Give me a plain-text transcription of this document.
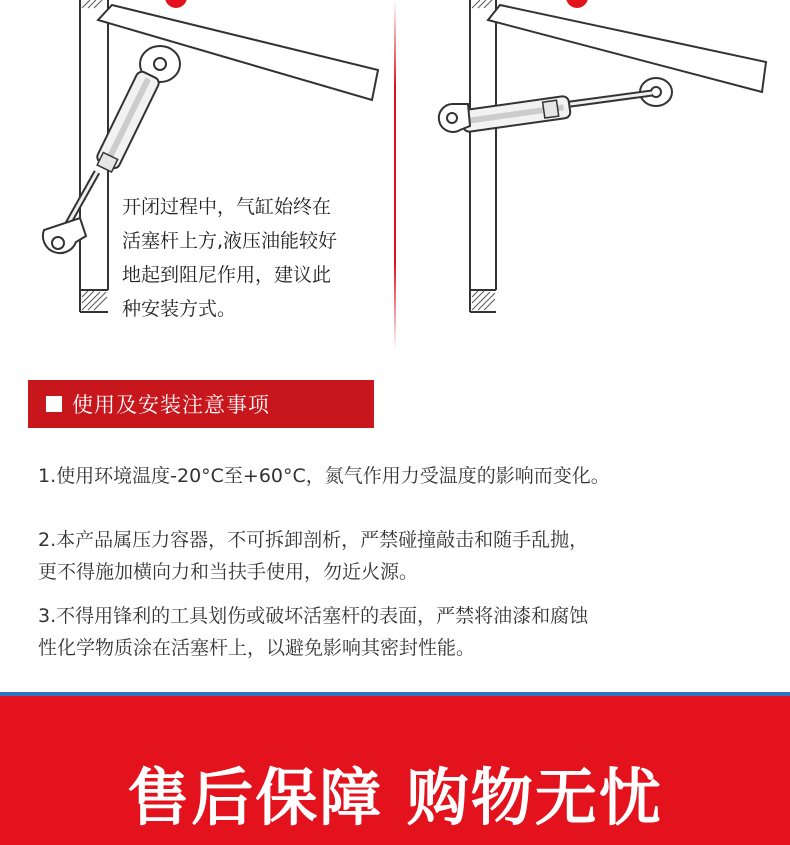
开闭过程中，气缸始终在
活塞杆上方,液压油能较好
地起到阻尼作用，建议此
种安装方式。
使用及安装注意事项
1.使用环境温度-20°C至+60°C，氮气作用力受温度的影响而变化。
2.本产品属压力容器，不可拆卸剖析，严禁碰撞敲击和随手乱抛，
更不得施加横向力和当扶手使用，勿近火源。
3.不得用锋利的工具划伤或破坏活塞杆的表面，严禁将油漆和腐蚀
性化学物质涂在活塞杆上，以避免影响其密封性能。
售后保障 购物无忧
